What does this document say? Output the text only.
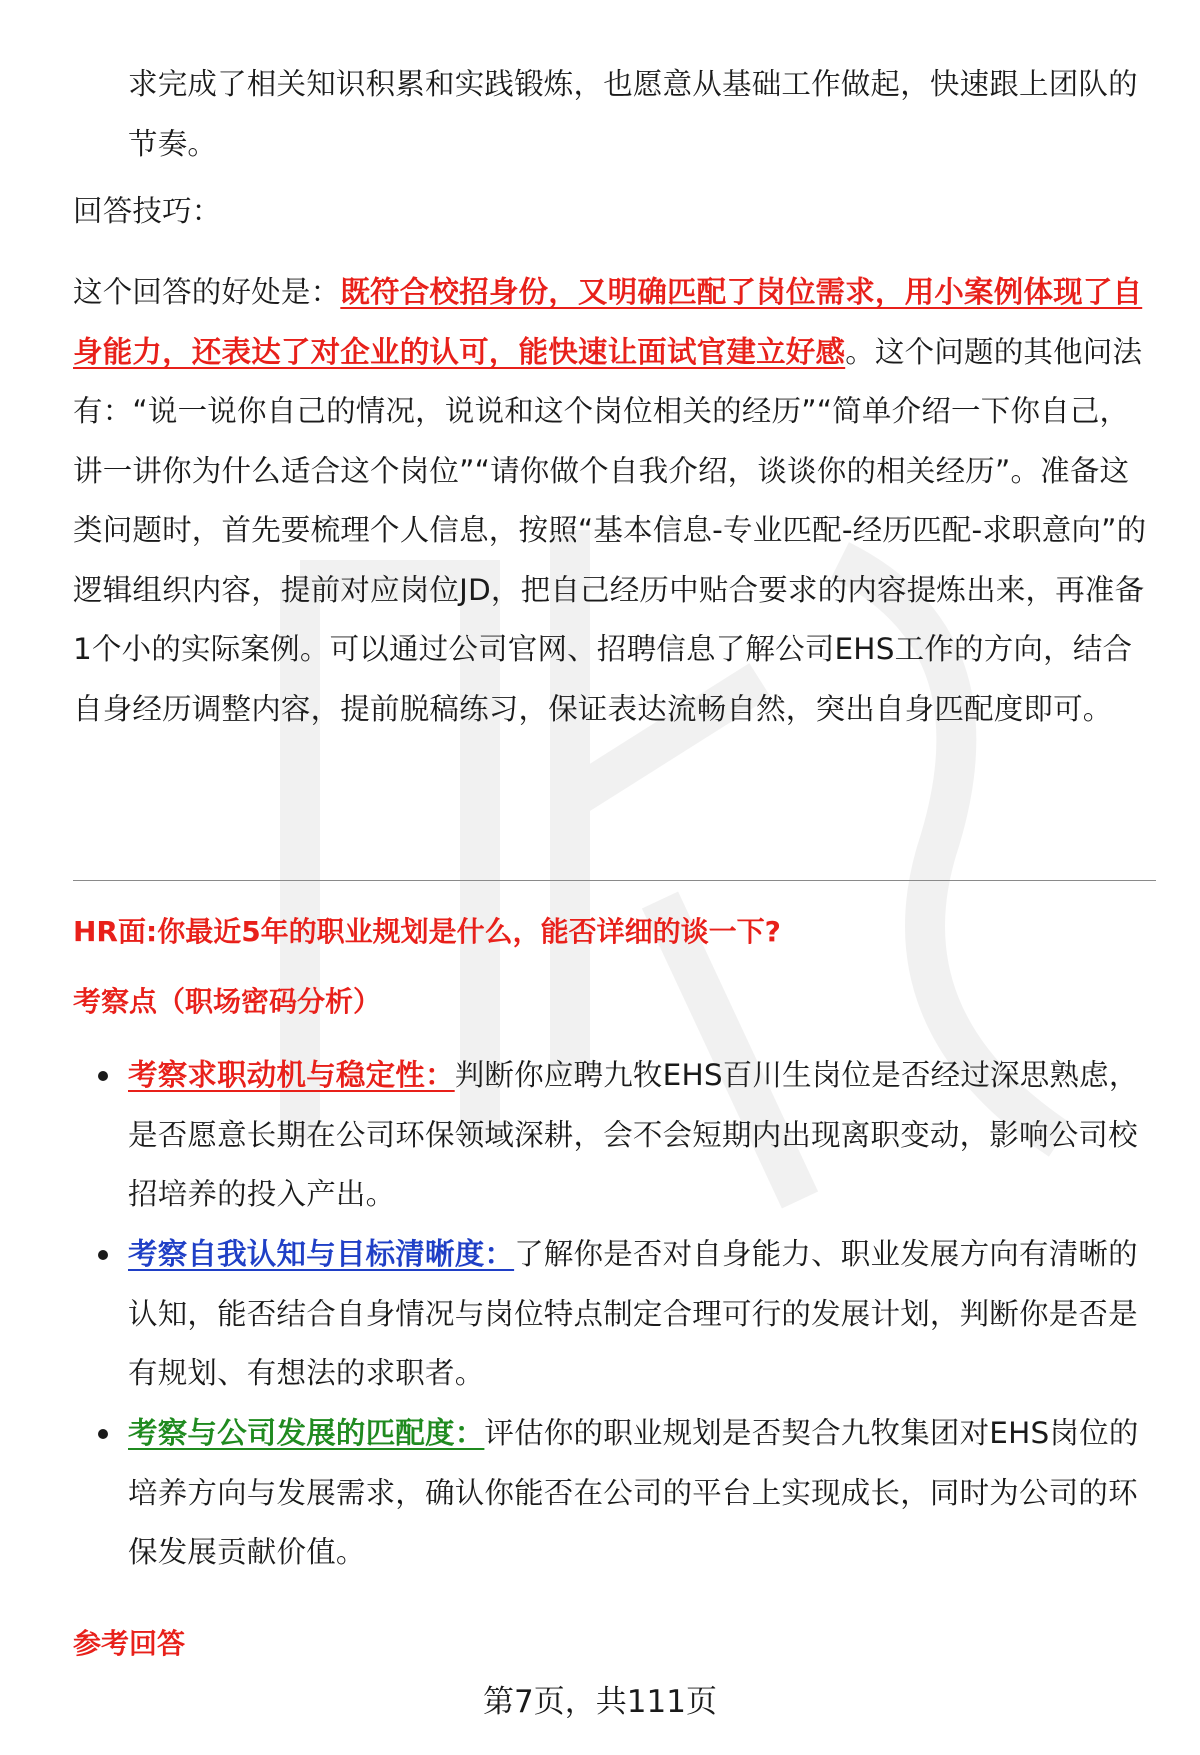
求完成了相关知识积累和实践锻炼，也愿意从基础工作做起，快速跟上团队的节奏。

回答技巧：

这个回答的好处是：既符合校招身份，又明确匹配了岗位需求，用小案例体现了自身能力，还表达了对企业的认可，能快速让面试官建立好感。这个问题的其他问法有：“说一说你自己的情况，说说和这个岗位相关的经历”“简单介绍一下你自己，讲一讲你为什么适合这个岗位”“请你做个自我介绍，谈谈你的相关经历”。准备这类问题时，首先要梳理个人信息，按照“基本信息-专业匹配-经历匹配-求职意向”的逻辑组织内容，提前对应岗位JD，把自己经历中贴合要求的内容提炼出来，再准备1个小的实际案例。可以通过公司官网、招聘信息了解公司EHS工作的方向，结合自身经历调整内容，提前脱稿练习，保证表达流畅自然，突出自身匹配度即可。

HR面:你最近5年的职业规划是什么，能否详细的谈一下?

考察点（职场密码分析）

考察求职动机与稳定性：判断你应聘九牧EHS百川生岗位是否经过深思熟虑，是否愿意长期在公司环保领域深耕，会不会短期内出现离职变动，影响公司校招培养的投入产出。

考察自我认知与目标清晰度：了解你是否对自身能力、职业发展方向有清晰的认知，能否结合自身情况与岗位特点制定合理可行的发展计划，判断你是否是有规划、有想法的求职者。

考察与公司发展的匹配度：评估你的职业规划是否契合九牧集团对EHS岗位的培养方向与发展需求，确认你能否在公司的平台上实现成长，同时为公司的环保发展贡献价值。

参考回答

第7页，共111页
